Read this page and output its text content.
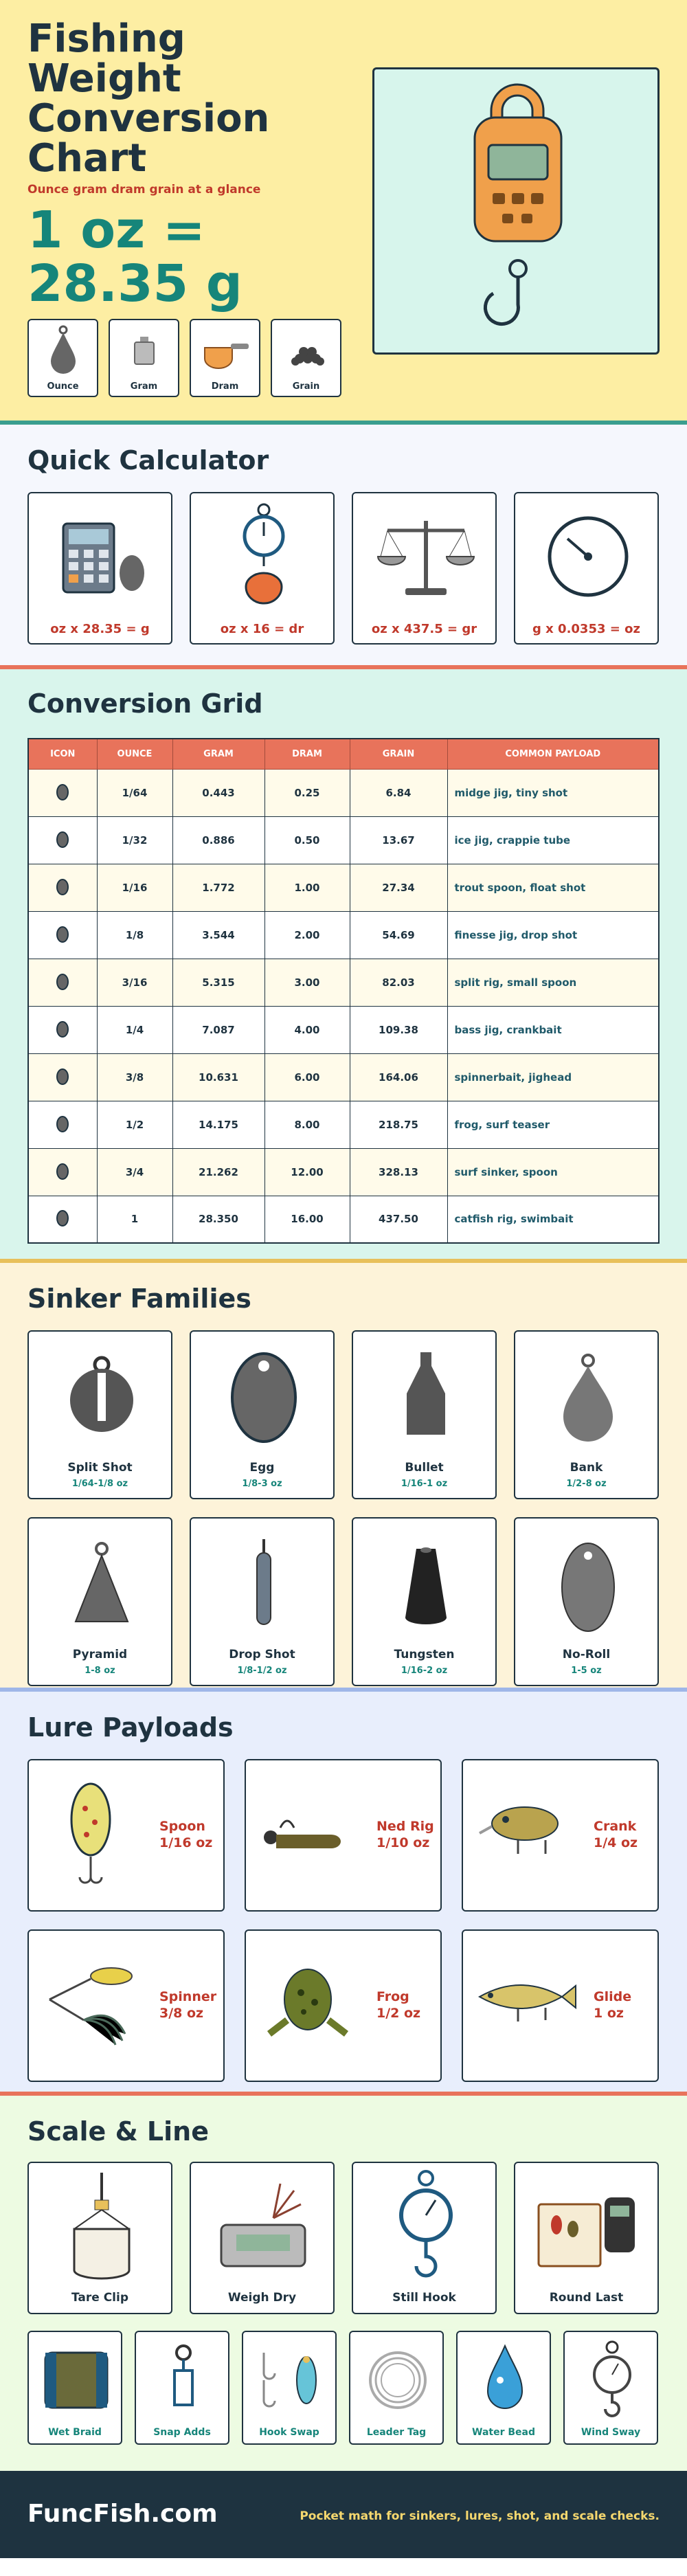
Fishing Weight Conversion Chart
Ounce gram dram grain at a glance
1 oz = 28.35 g
Ounce	Gram	Dram	Grain
Quick Calculator
oz x 28.35 = g	oz x 16 = dr	oz x 437.5 = gr	g x 0.0353 = oz
Conversion Grid
ICON	OUNCE	GRAM	DRAM	GRAIN	COMMON PAYLOAD
	1/64	0.443	0.25	6.84	midge jig, tiny shot
	1/32	0.886	0.50	13.67	ice jig, crappie tube
	1/16	1.772	1.00	27.34	trout spoon, float shot
	1/8	3.544	2.00	54.69	finesse jig, drop shot
	3/16	5.315	3.00	82.03	split rig, small spoon
	1/4	7.087	4.00	109.38	bass jig, crankbait
	3/8	10.631	6.00	164.06	spinnerbait, jighead
	1/2	14.175	8.00	218.75	frog, surf teaser
	3/4	21.262	12.00	328.13	surf sinker, spoon
	1	28.350	16.00	437.50	catfish rig, swimbait
Sinker Families
Split Shot
1/64-1/8 oz
Egg
1/8-3 oz
Bullet
1/16-1 oz
Bank
1/2-8 oz
Pyramid
1-8 oz
Drop Shot
1/8-1/2 oz
Tungsten
1/16-2 oz
No-Roll
1-5 oz
Lure Payloads
Spoon
1/16 oz
Ned Rig
1/10 oz
Crank
1/4 oz
Spinner
3/8 oz
Frog
1/2 oz
Glide
1 oz
Scale & Line
Tare Clip	Weigh Dry	Still Hook	Round Last
Wet Braid	Snap Adds	Hook Swap	Leader Tag	Water Bead	Wind Sway
FuncFish.com	Pocket math for sinkers, lures, shot, and scale checks.
